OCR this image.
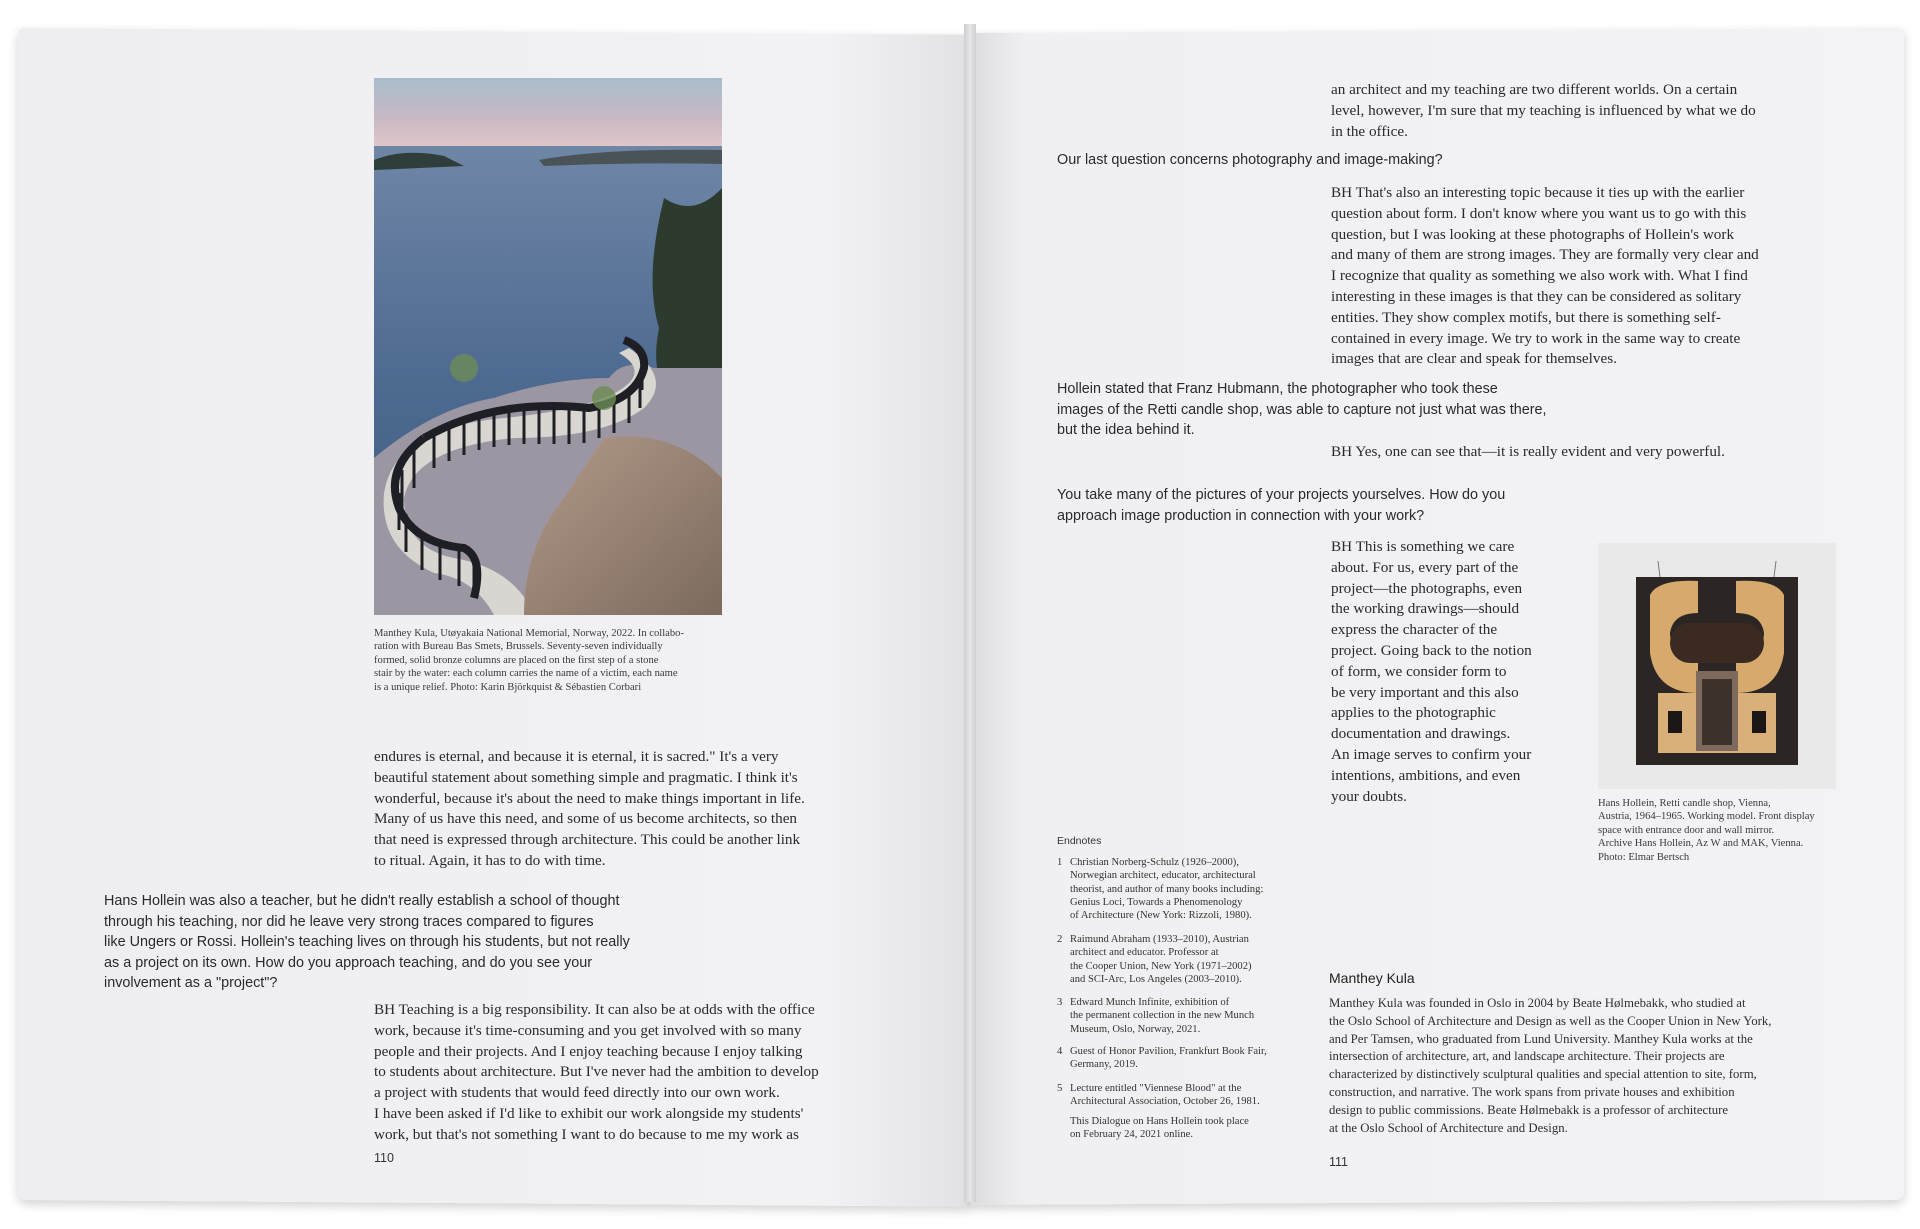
Manthey Kula, Utøyakaia National Memorial, Norway, 2022. In collabo-
ration with Bureau Bas Smets, Brussels. Seventy-seven individually
formed, solid bronze columns are placed on the first step of a stone
stair by the water: each column carries the name of a victim, each name
is a unique relief. Photo: Karin Björkquist & Sébastien Corbari
endures is eternal, and because it is eternal, it is sacred." It's a very
beautiful statement about something simple and pragmatic. I think it's
wonderful, because it's about the need to make things important in life.
Many of us have this need, and some of us become architects, so then
that need is expressed through architecture. This could be another link
to ritual. Again, it has to do with time.
Hans Hollein was also a teacher, but he didn't really establish a school of thought
through his teaching, nor did he leave very strong traces compared to figures
like Ungers or Rossi. Hollein's teaching lives on through his students, but not really
as a project on its own. How do you approach teaching, and do you see your
involvement as a "project"?
BH Teaching is a big responsibility. It can also be at odds with the office
work, because it's time-consuming and you get involved with so many
people and their projects. And I enjoy teaching because I enjoy talking
to students about architecture. But I've never had the ambition to develop
a project with students that would feed directly into our own work.
I have been asked if I'd like to exhibit our work alongside my students'
work, but that's not something I want to do because to me my work as
110
an architect and my teaching are two different worlds. On a certain
level, however, I'm sure that my teaching is influenced by what we do
in the office.
Our last question concerns photography and image-making?
BH That's also an interesting topic because it ties up with the earlier
question about form. I don't know where you want us to go with this
question, but I was looking at these photographs of Hollein's work
and many of them are strong images. They are formally very clear and
I recognize that quality as something we also work with. What I find
interesting in these images is that they can be considered as solitary
entities. They show complex motifs, but there is something self-
contained in every image. We try to work in the same way to create
images that are clear and speak for themselves.
Hollein stated that Franz Hubmann, the photographer who took these
images of the Retti candle shop, was able to capture not just what was there,
but the idea behind it.
BH Yes, one can see that—it is really evident and very powerful.
You take many of the pictures of your projects yourselves. How do you
approach image production in connection with your work?
BH This is something we care
about. For us, every part of the
project—the photographs, even
the working drawings—should
express the character of the
project. Going back to the notion
of form, we consider form to
be very important and this also
applies to the photographic
documentation and drawings.
An image serves to confirm your
intentions, ambitions, and even
your doubts.	Hans Hollein, Retti candle shop, Vienna,
Austria, 1964–1965. Working model. Front display
space with entrance door and wall mirror.
Archive Hans Hollein, Az W and MAK, Vienna.
Photo: Elmar Bertsch
Endnotes
1 Christian Norberg-Schulz (1926–2000),
Norwegian architect, educator, architectural
theorist, and author of many books including:
Genius Loci, Towards a Phenomenology
of Architecture (New York: Rizzoli, 1980).
2 Raimund Abraham (1933–2010), Austrian
architect and educator. Professor at
the Cooper Union, New York (1971–2002)
and SCI-Arc, Los Angeles (2003–2010).
3 Edward Munch Infinite, exhibition of
the permanent collection in the new Munch
Museum, Oslo, Norway, 2021.
4 Guest of Honor Pavilion, Frankfurt Book Fair,
Germany, 2019.
5 Lecture entitled "Viennese Blood" at the
Architectural Association, October 26, 1981.
This Dialogue on Hans Hollein took place
on February 24, 2021 online.
Manthey Kula
Manthey Kula was founded in Oslo in 2004 by Beate Hølmebakk, who studied at
the Oslo School of Architecture and Design as well as the Cooper Union in New York,
and Per Tamsen, who graduated from Lund University. Manthey Kula works at the
intersection of architecture, art, and landscape architecture. Their projects are
characterized by distinctively sculptural qualities and special attention to site, form,
construction, and narrative. The work spans from private houses and exhibition
design to public commissions. Beate Hølmebakk is a professor of architecture
at the Oslo School of Architecture and Design.
111
